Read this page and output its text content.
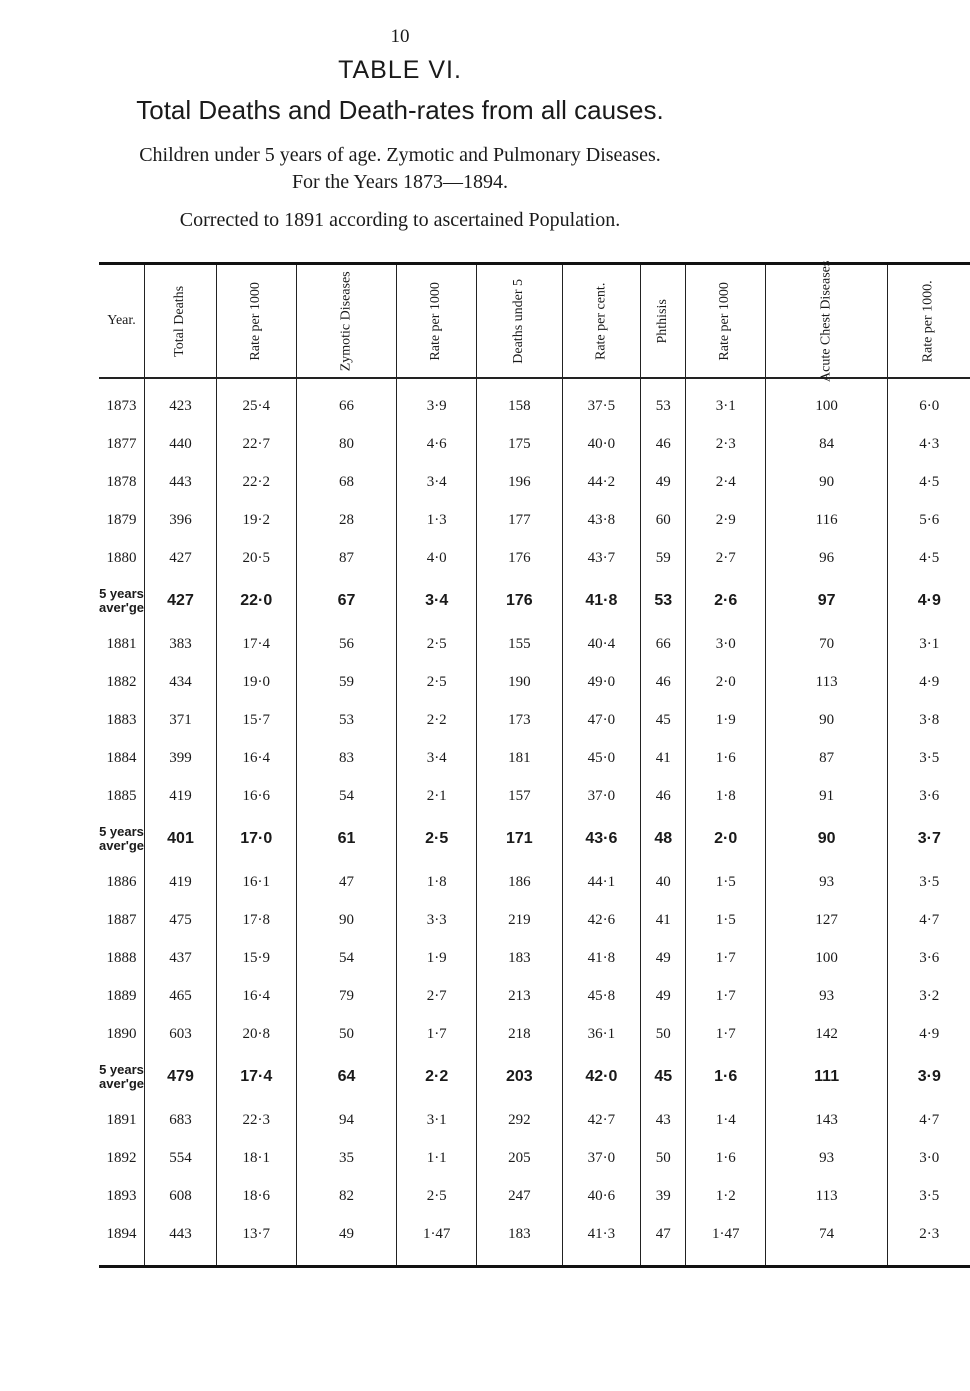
10
TABLE VI.
Total Deaths and Death-rates from all causes.
Children under 5 years of age. Zymotic and Pulmonary Diseases.
For the Years 1873—1894.
Corrected to 1891 according to ascertained Population.
Year.	Total Deaths	Rate per 1000	Zymotic Diseases	Rate per 1000	Deaths under 5	Rate per cent.	Phthisis	Rate per 1000	Acute Chest Diseases	Rate per 1000.
1873	423	25·4	66	3·9	158	37·5	53	3·1	100	6·0
1877	440	22·7	80	4·6	175	40·0	46	2·3	84	4·3
1878	443	22·2	68	3·4	196	44·2	49	2·4	90	4·5
1879	396	19·2	28	1·3	177	43·8	60	2·9	116	5·6
1880	427	20·5	87	4·0	176	43·7	59	2·7	96	4·5
5 years aver'ge	427	22·0	67	3·4	176	41·8	53	2·6	97	4·9
1881	383	17·4	56	2·5	155	40·4	66	3·0	70	3·1
1882	434	19·0	59	2·5	190	49·0	46	2·0	113	4·9
1883	371	15·7	53	2·2	173	47·0	45	1·9	90	3·8
1884	399	16·4	83	3·4	181	45·0	41	1·6	87	3·5
1885	419	16·6	54	2·1	157	37·0	46	1·8	91	3·6
5 years aver'ge	401	17·0	61	2·5	171	43·6	48	2·0	90	3·7
1886	419	16·1	47	1·8	186	44·1	40	1·5	93	3·5
1887	475	17·8	90	3·3	219	42·6	41	1·5	127	4·7
1888	437	15·9	54	1·9	183	41·8	49	1·7	100	3·6
1889	465	16·4	79	2·7	213	45·8	49	1·7	93	3·2
1890	603	20·8	50	1·7	218	36·1	50	1·7	142	4·9
5 years aver'ge	479	17·4	64	2·2	203	42·0	45	1·6	111	3·9
1891	683	22·3	94	3·1	292	42·7	43	1·4	143	4·7
1892	554	18·1	35	1·1	205	37·0	50	1·6	93	3·0
1893	608	18·6	82	2·5	247	40·6	39	1·2	113	3·5
1894	443	13·7	49	1·47	183	41·3	47	1·47	74	2·3
